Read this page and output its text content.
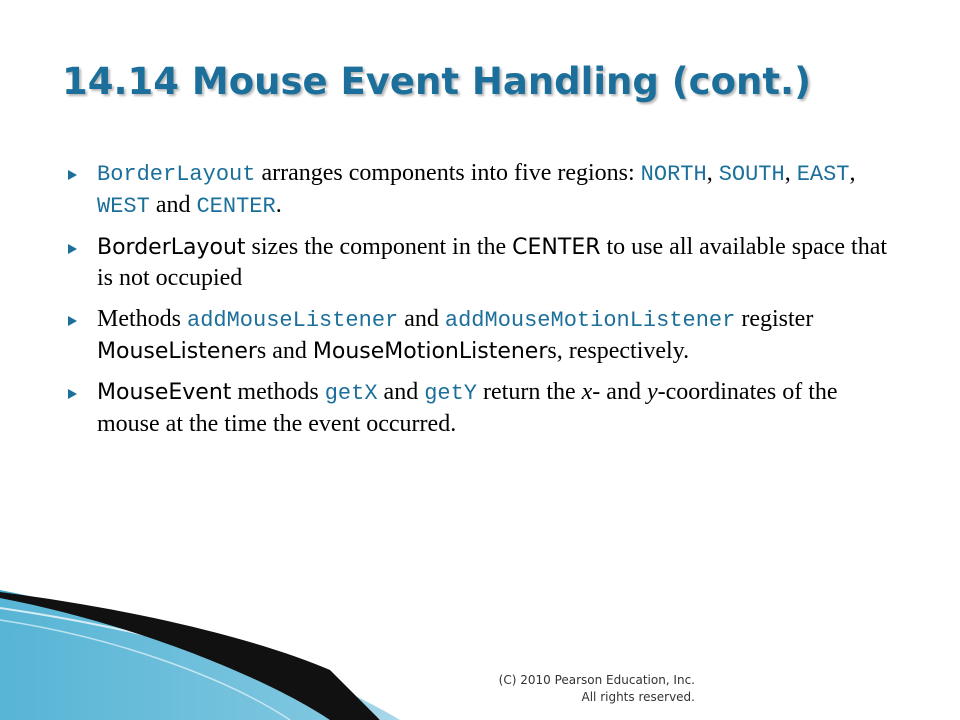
14.14 Mouse Event Handling (cont.)
BorderLayout arranges components into five regions: NORTH, SOUTH, EAST, WEST and CENTER.
BorderLayout sizes the component in the CENTER to use all available space that is not occupied
Methods addMouseListener and addMouseMotionListener register MouseListeners and MouseMotionListeners, respectively.
MouseEvent methods getX and getY return the x- and y-coordinates of the mouse at the time the event occurred.
(C) 2010 Pearson Education, Inc.
All rights reserved.
